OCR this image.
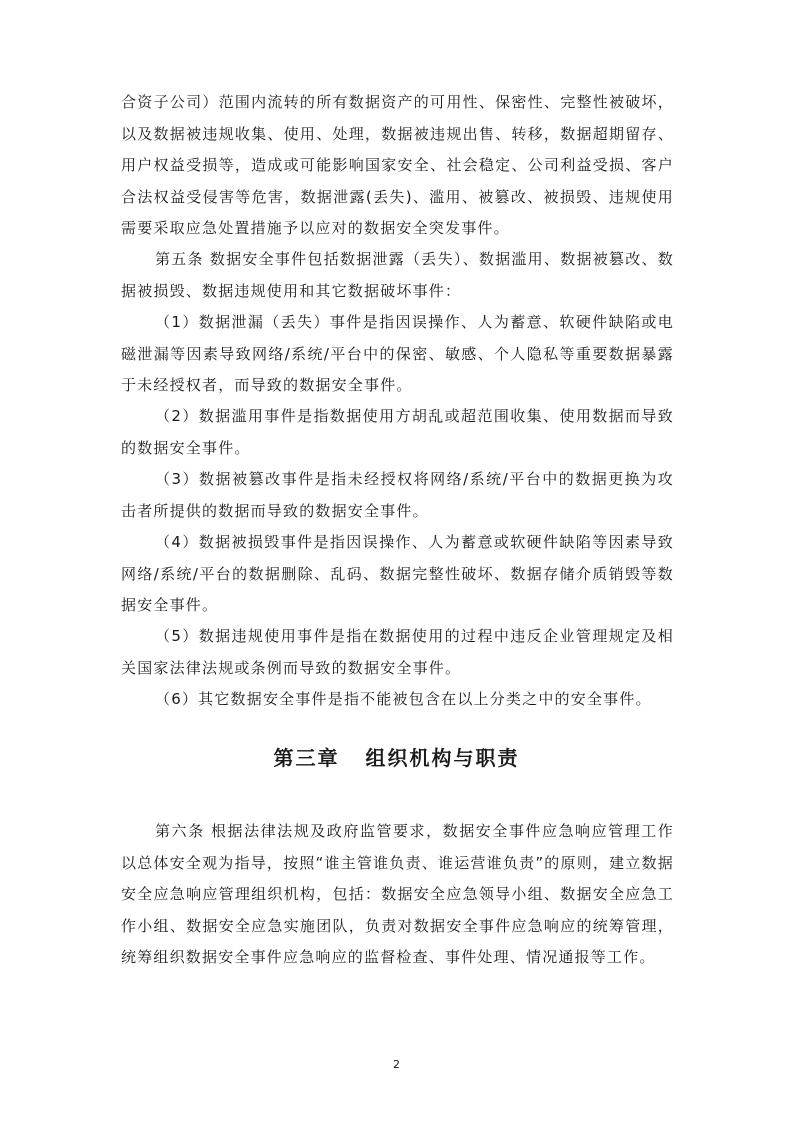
合资子公司）范围内流转的所有数据资产的可用性、保密性、完整性被破坏，以及数据被违规收集、使用、处理，数据被违规出售、转移，数据超期留存、用户权益受损等，造成或可能影响国家安全、社会稳定、公司利益受损、客户合法权益受侵害等危害，数据泄露(丢失)、滥用、被篡改、被损毁、违规使用需要采取应急处置措施予以应对的数据安全突发事件。

第五条 数据安全事件包括数据泄露（丢失）、数据滥用、数据被篡改、数据被损毁、数据违规使用和其它数据破坏事件：

（1）数据泄漏（丢失）事件是指因误操作、人为蓄意、软硬件缺陷或电磁泄漏等因素导致网络/系统/平台中的保密、敏感、个人隐私等重要数据暴露于未经授权者，而导致的数据安全事件。

（2）数据滥用事件是指数据使用方胡乱或超范围收集、使用数据而导致的数据安全事件。

（3）数据被篡改事件是指未经授权将网络/系统/平台中的数据更换为攻击者所提供的数据而导致的数据安全事件。

（4）数据被损毁事件是指因误操作、人为蓄意或软硬件缺陷等因素导致网络/系统/平台的数据删除、乱码、数据完整性破坏、数据存储介质销毁等数据安全事件。

（5）数据违规使用事件是指在数据使用的过程中违反企业管理规定及相关国家法律法规或条例而导致的数据安全事件。

（6）其它数据安全事件是指不能被包含在以上分类之中的安全事件。

第三章 组织机构与职责

第六条 根据法律法规及政府监管要求，数据安全事件应急响应管理工作以总体安全观为指导，按照“谁主管谁负责、谁运营谁负责”的原则，建立数据安全应急响应管理组织机构，包括：数据安全应急领导小组、数据安全应急工作小组、数据安全应急实施团队，负责对数据安全事件应急响应的统筹管理，统筹组织数据安全事件应急响应的监督检查、事件处理、情况通报等工作。

2
